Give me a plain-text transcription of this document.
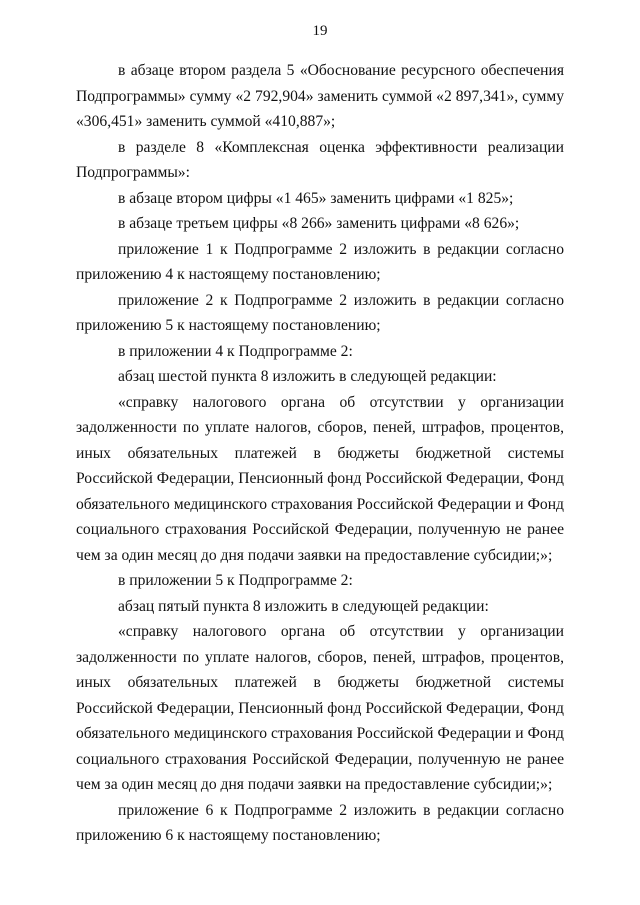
19

в абзаце втором раздела 5 «Обоснование ресурсного обеспечения Подпрограммы» сумму «2 792,904» заменить суммой «2 897,341», сумму «306,451» заменить суммой «410,887»;

в разделе 8 «Комплексная оценка эффективности реализации Подпрограммы»:

в абзаце втором цифры «1 465» заменить цифрами «1 825»;

в абзаце третьем цифры «8 266» заменить цифрами «8 626»;

приложение 1 к Подпрограмме 2 изложить в редакции согласно приложению 4 к настоящему постановлению;

приложение 2 к Подпрограмме 2 изложить в редакции согласно приложению 5 к настоящему постановлению;

в приложении 4 к Подпрограмме 2:

абзац шестой пункта 8 изложить в следующей редакции:

«справку налогового органа об отсутствии у организации задолженности по уплате налогов, сборов, пеней, штрафов, процентов, иных обязательных платежей в бюджеты бюджетной системы Российской Федерации, Пенсионный фонд Российской Федерации, Фонд обязательного медицинского страхования Российской Федерации и Фонд социального страхования Российской Федерации, полученную не ранее чем за один месяц до дня подачи заявки на предоставление субсидии;»;

в приложении 5 к Подпрограмме 2:

абзац пятый пункта 8 изложить в следующей редакции:

«справку налогового органа об отсутствии у организации задолженности по уплате налогов, сборов, пеней, штрафов, процентов, иных обязательных платежей в бюджеты бюджетной системы Российской Федерации, Пенсионный фонд Российской Федерации, Фонд обязательного медицинского страхования Российской Федерации и Фонд социального страхования Российской Федерации, полученную не ранее чем за один месяц до дня подачи заявки на предоставление субсидии;»;

приложение 6 к Подпрограмме 2 изложить в редакции согласно приложению 6 к настоящему постановлению;
